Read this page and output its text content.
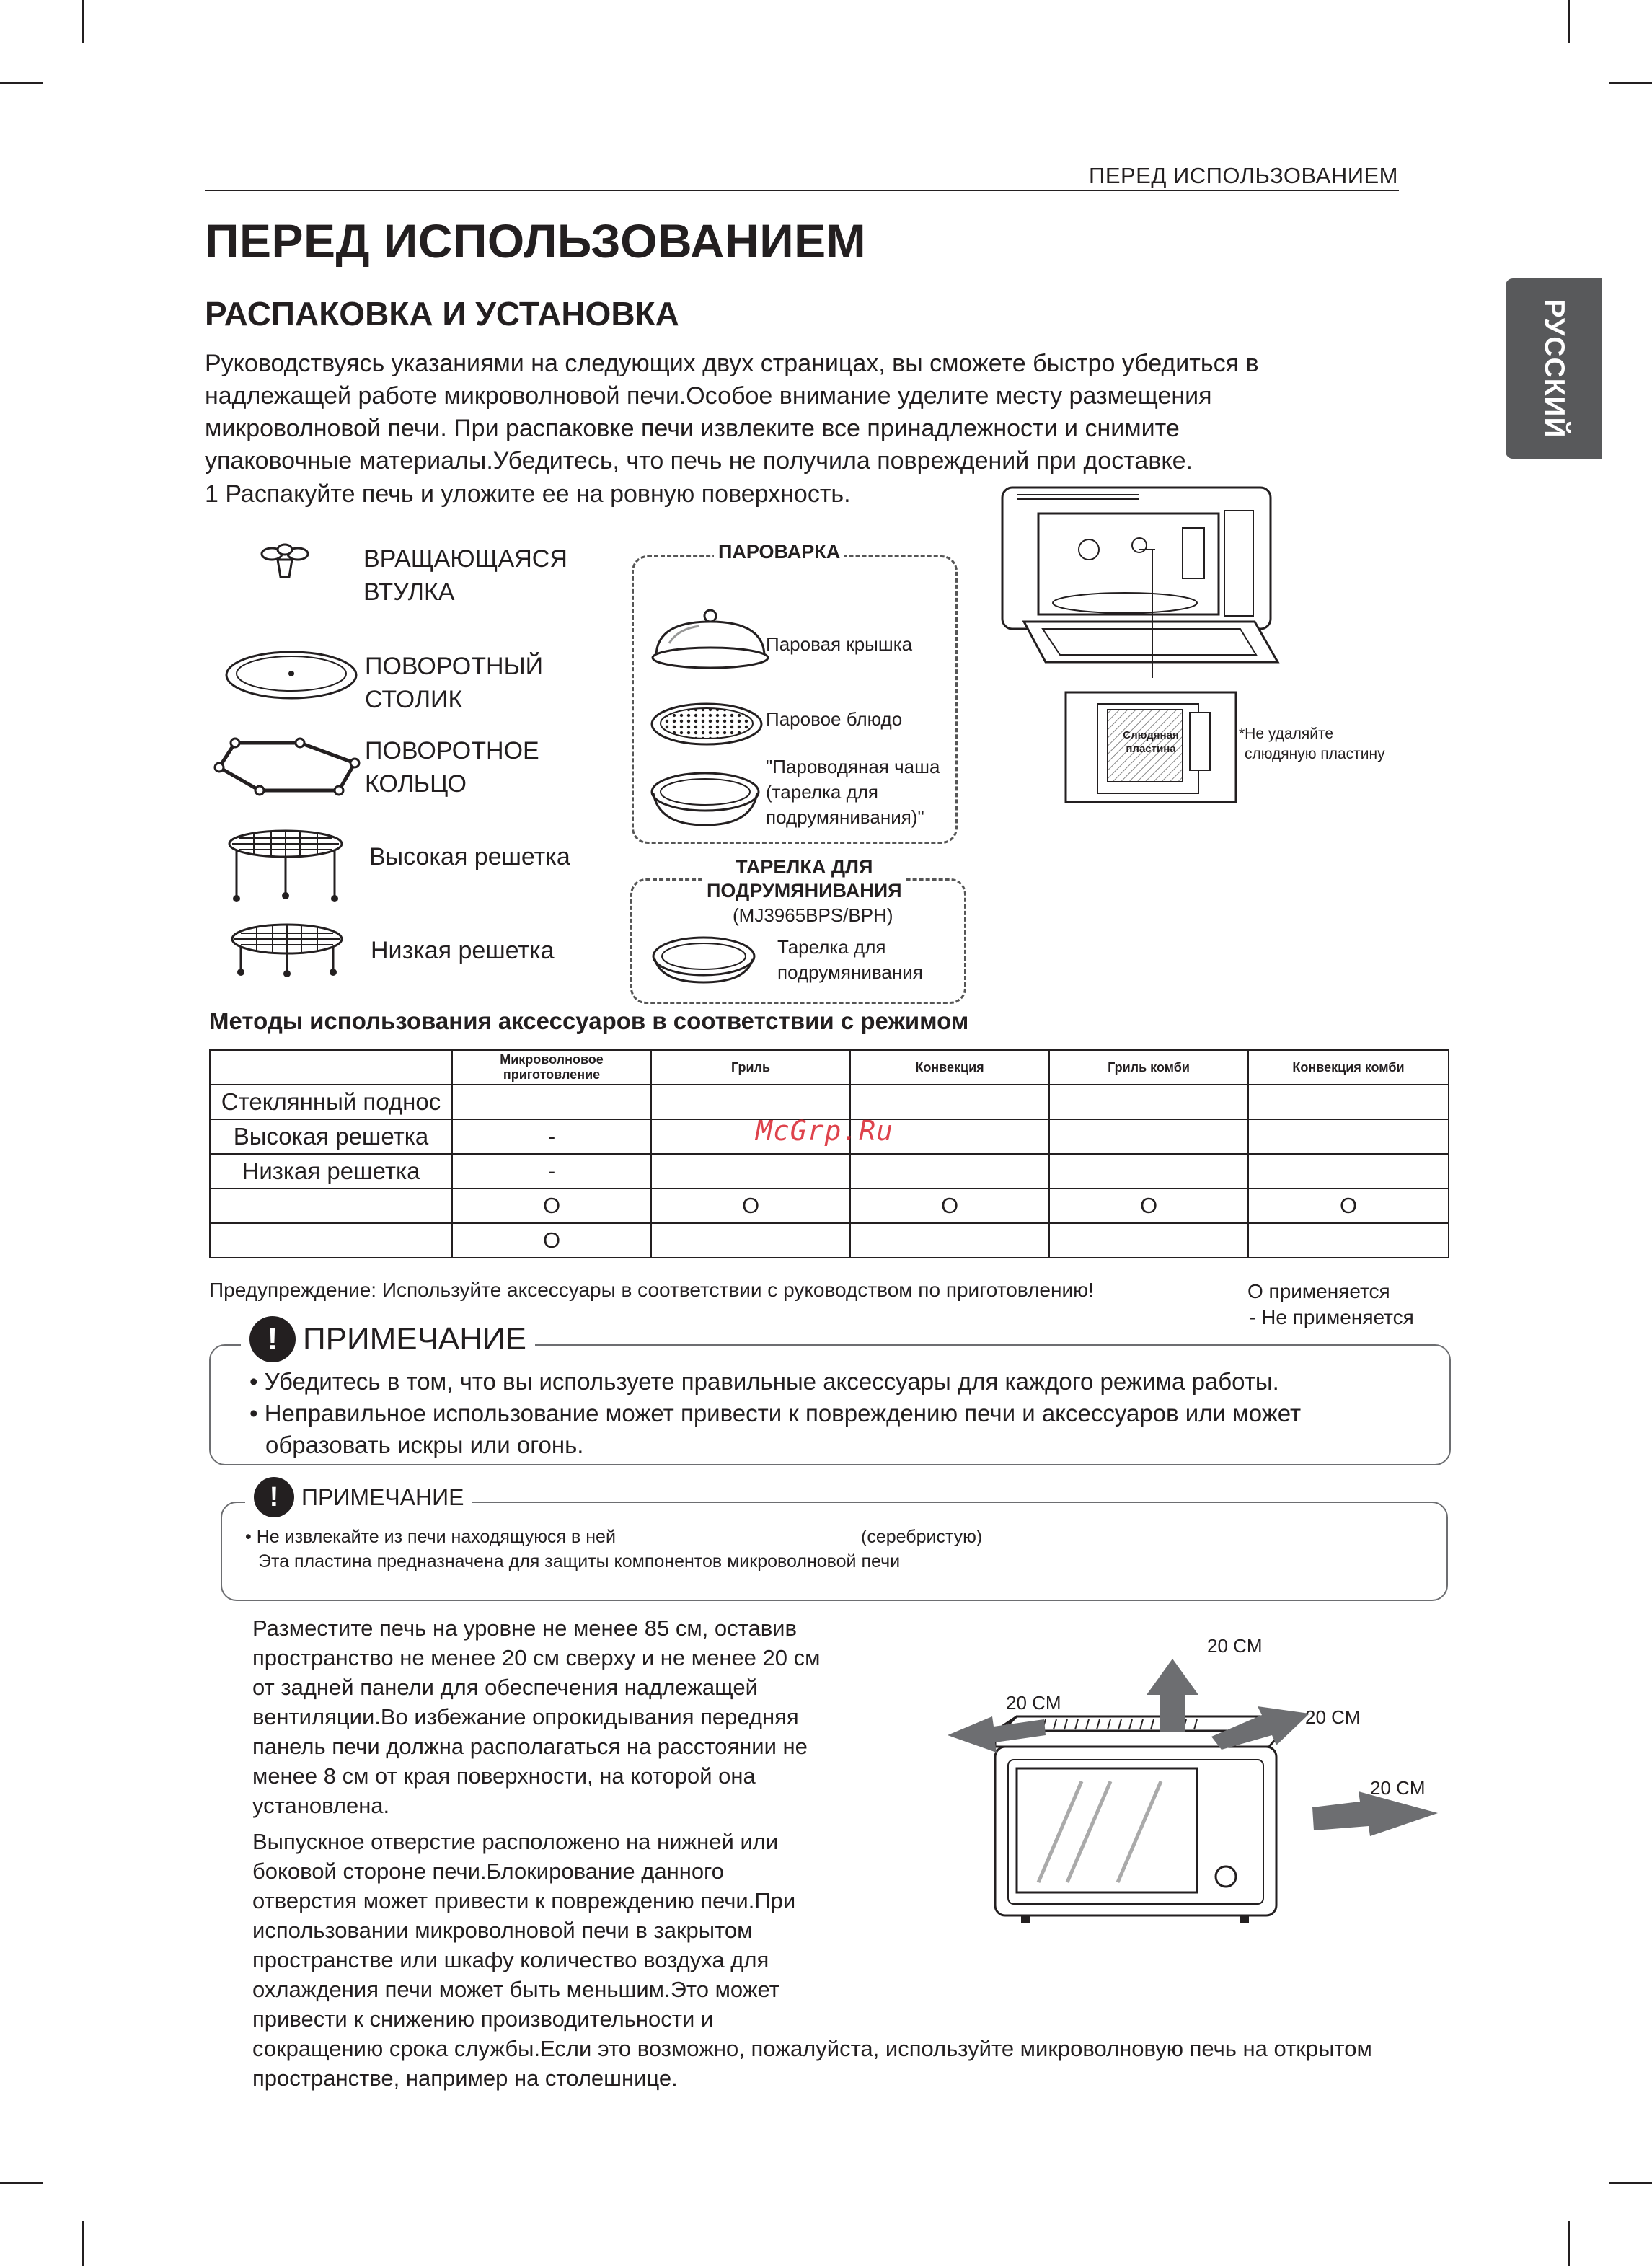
ПЕРЕД ИСПОЛЬЗОВАНИЕМ
РУССКИЙ
ПЕРЕД ИСПОЛЬЗОВАНИЕМ
РАСПАКОВКА И УСТАНОВКА
Руководствуясь указаниями на следующих двух страницах, вы сможете быстро убедиться в
надлежащей работе микроволновой печи.Особое внимание уделите месту размещения
микроволновой печи. При распаковке печи извлеките все принадлежности и снимите
упаковочные материалы.Убедитесь, что печь не получила повреждений при доставке.
1 Распакуйте печь и уложите ее на ровную поверхность.
ВРАЩАЮЩАЯСЯ
ВТУЛКА
ПОВОРОТНЫЙ
СТОЛИК
ПОВОРОТНОЕ
КОЛЬЦО
Высокая решетка
Низкая решетка
ПАРОВАРКА
Паровая крышка
Паровое блюдо
"Пароводяная чаша
(тарелка для
подрумянивания)"
ТАРЕЛКА ДЛЯ
ПОДРУМЯНИВАНИЯ
(MJ3965BPS/BPH)
Тарелка для
подрумянивания
Слюдяная
пластина
*Не удаляйте
слюдяную пластину
Методы использования аксессуаров в соответствии с режимом
	Микроволновое приготовление	Гриль	Конвекция	Гриль комби	Конвекция комби
Стеклянный поднос					
Высокая решетка	-				
Низкая решетка	-				
	O	O	O	O	O
	O				
McGrp.Ru
Предупреждение: Используйте аксессуары в соответствии с руководством по приготовлению!	O применяется
- Не применяется
! ПРИМЕЧАНИЕ
• Убедитесь в том, что вы используете правильные аксессуары для каждого режима работы.
• Неправильное использование может привести к повреждению печи и аксессуаров или может
образовать искры или огонь.
! ПРИМЕЧАНИЕ
• Не извлекайте из печи находящуюся в ней	(серебристую)
Эта пластина предназначена для защиты компонентов микроволновой печи
Разместите печь на уровне не менее 85 см, оставив
пространство не менее 20 см сверху и не менее 20 см
от задней панели для обеспечения надлежащей
вентиляции.Во избежание опрокидывания передняя
панель печи должна располагаться на расстоянии не
менее 8 см от края поверхности, на которой она
установлена.
Выпускное отверстие расположено на нижней или
боковой стороне печи.Блокирование данного
отверстия может привести к повреждению печи.При
использовании микроволновой печи в закрытом
пространстве или шкафу количество воздуха для
охлаждения печи может быть меньшим.Это может
привести к снижению производительности и
сокращению срока службы.Если это возможно, пожалуйста, используйте микроволновую печь на открытом
пространстве, например на столешнице.
20 CM
20 CM
20 CM
20 CM
